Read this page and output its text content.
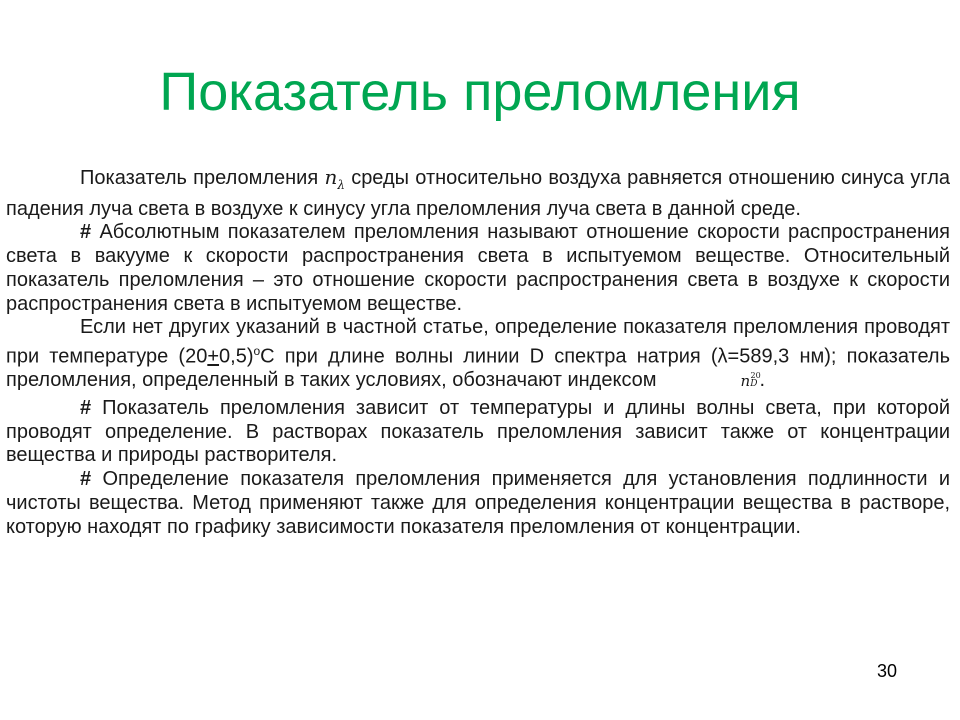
Показатель преломления

Показатель преломления $n_\lambda$ среды относительно воздуха равняется отношению синуса угла падения луча света в воздухе к синусу угла преломления луча света в данной среде.

# Абсолютным показателем преломления называют отношение скорости распространения света в вакууме к скорости распространения света в испытуемом веществе. Относительный показатель преломления – это отношение скорости распространения света в воздухе к скорости распространения света в испытуемом веществе.

Если нет других указаний в частной статье, определение показателя преломления проводят при температуре $(20+0,5)^oС$ при длине волны линии D спектра натрия (λ=589,3 нм); показатель преломления, определенный в таких условиях, обозначают индексом	n 20
D .

# Показатель преломления зависит от температуры и длины волны света, при которой проводят определение. В растворах показатель преломления зависит также от концентрации вещества и природы растворителя.

# Определение показателя преломления применяется для установления подлинности и чистоты вещества. Метод применяют также для определения концентрации вещества в растворе, которую находят по графику зависимости показателя преломления от концентрации.

30
